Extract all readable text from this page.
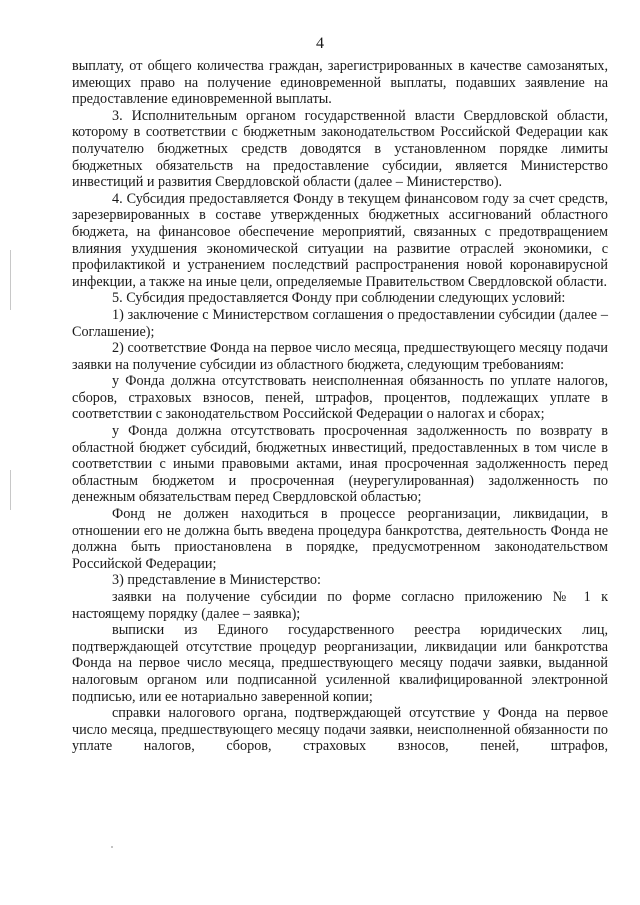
4

выплату, от общего количества граждан, зарегистрированных в качестве самозанятых, имеющих право на получение единовременной выплаты, подавших заявление на предоставление единовременной выплаты.

3. Исполнительным органом государственной власти Свердловской области, которому в соответствии с бюджетным законодательством Российской Федерации как получателю бюджетных средств доводятся в установленном порядке лимиты бюджетных обязательств на предоставление субсидии, является Министерство инвестиций и развития Свердловской области (далее – Министерство).

4. Субсидия предоставляется Фонду в текущем финансовом году за счет средств, зарезервированных в составе утвержденных бюджетных ассигнований областного бюджета, на финансовое обеспечение мероприятий, связанных с предотвращением влияния ухудшения экономической ситуации на развитие отраслей экономики, с профилактикой и устранением последствий распространения новой коронавирусной инфекции, а также на иные цели, определяемые Правительством Свердловской области.

5. Субсидия предоставляется Фонду при соблюдении следующих условий:

1) заключение с Министерством соглашения о предоставлении субсидии (далее – Соглашение);

2) соответствие Фонда на первое число месяца, предшествующего месяцу подачи заявки на получение субсидии из областного бюджета, следующим требованиям:

у Фонда должна отсутствовать неисполненная обязанность по уплате налогов, сборов, страховых взносов, пеней, штрафов, процентов, подлежащих уплате в соответствии с законодательством Российской Федерации о налогах и сборах;

у Фонда должна отсутствовать просроченная задолженность по возврату в областной бюджет субсидий, бюджетных инвестиций, предоставленных в том числе в соответствии с иными правовыми актами, иная просроченная задолженность перед областным бюджетом и просроченная (неурегулированная) задолженность по денежным обязательствам перед Свердловской областью;

Фонд не должен находиться в процессе реорганизации, ликвидации, в отношении его не должна быть введена процедура банкротства, деятельность Фонда не должна быть приостановлена в порядке, предусмотренном законодательством Российской Федерации;

3) представление в Министерство:

заявки на получение субсидии по форме согласно приложению № 1 к настоящему порядку (далее – заявка);

выписки из Единого государственного реестра юридических лиц, подтверждающей отсутствие процедур реорганизации, ликвидации или банкротства Фонда на первое число месяца, предшествующего месяцу подачи заявки, выданной налоговым органом или подписанной усиленной квалифицированной электронной подписью, или ее нотариально заверенной копии;

справки налогового органа, подтверждающей отсутствие у Фонда на первое число месяца, предшествующего месяцу подачи заявки, неисполненной обязанности по уплате налогов, сборов, страховых взносов, пеней, штрафов,
